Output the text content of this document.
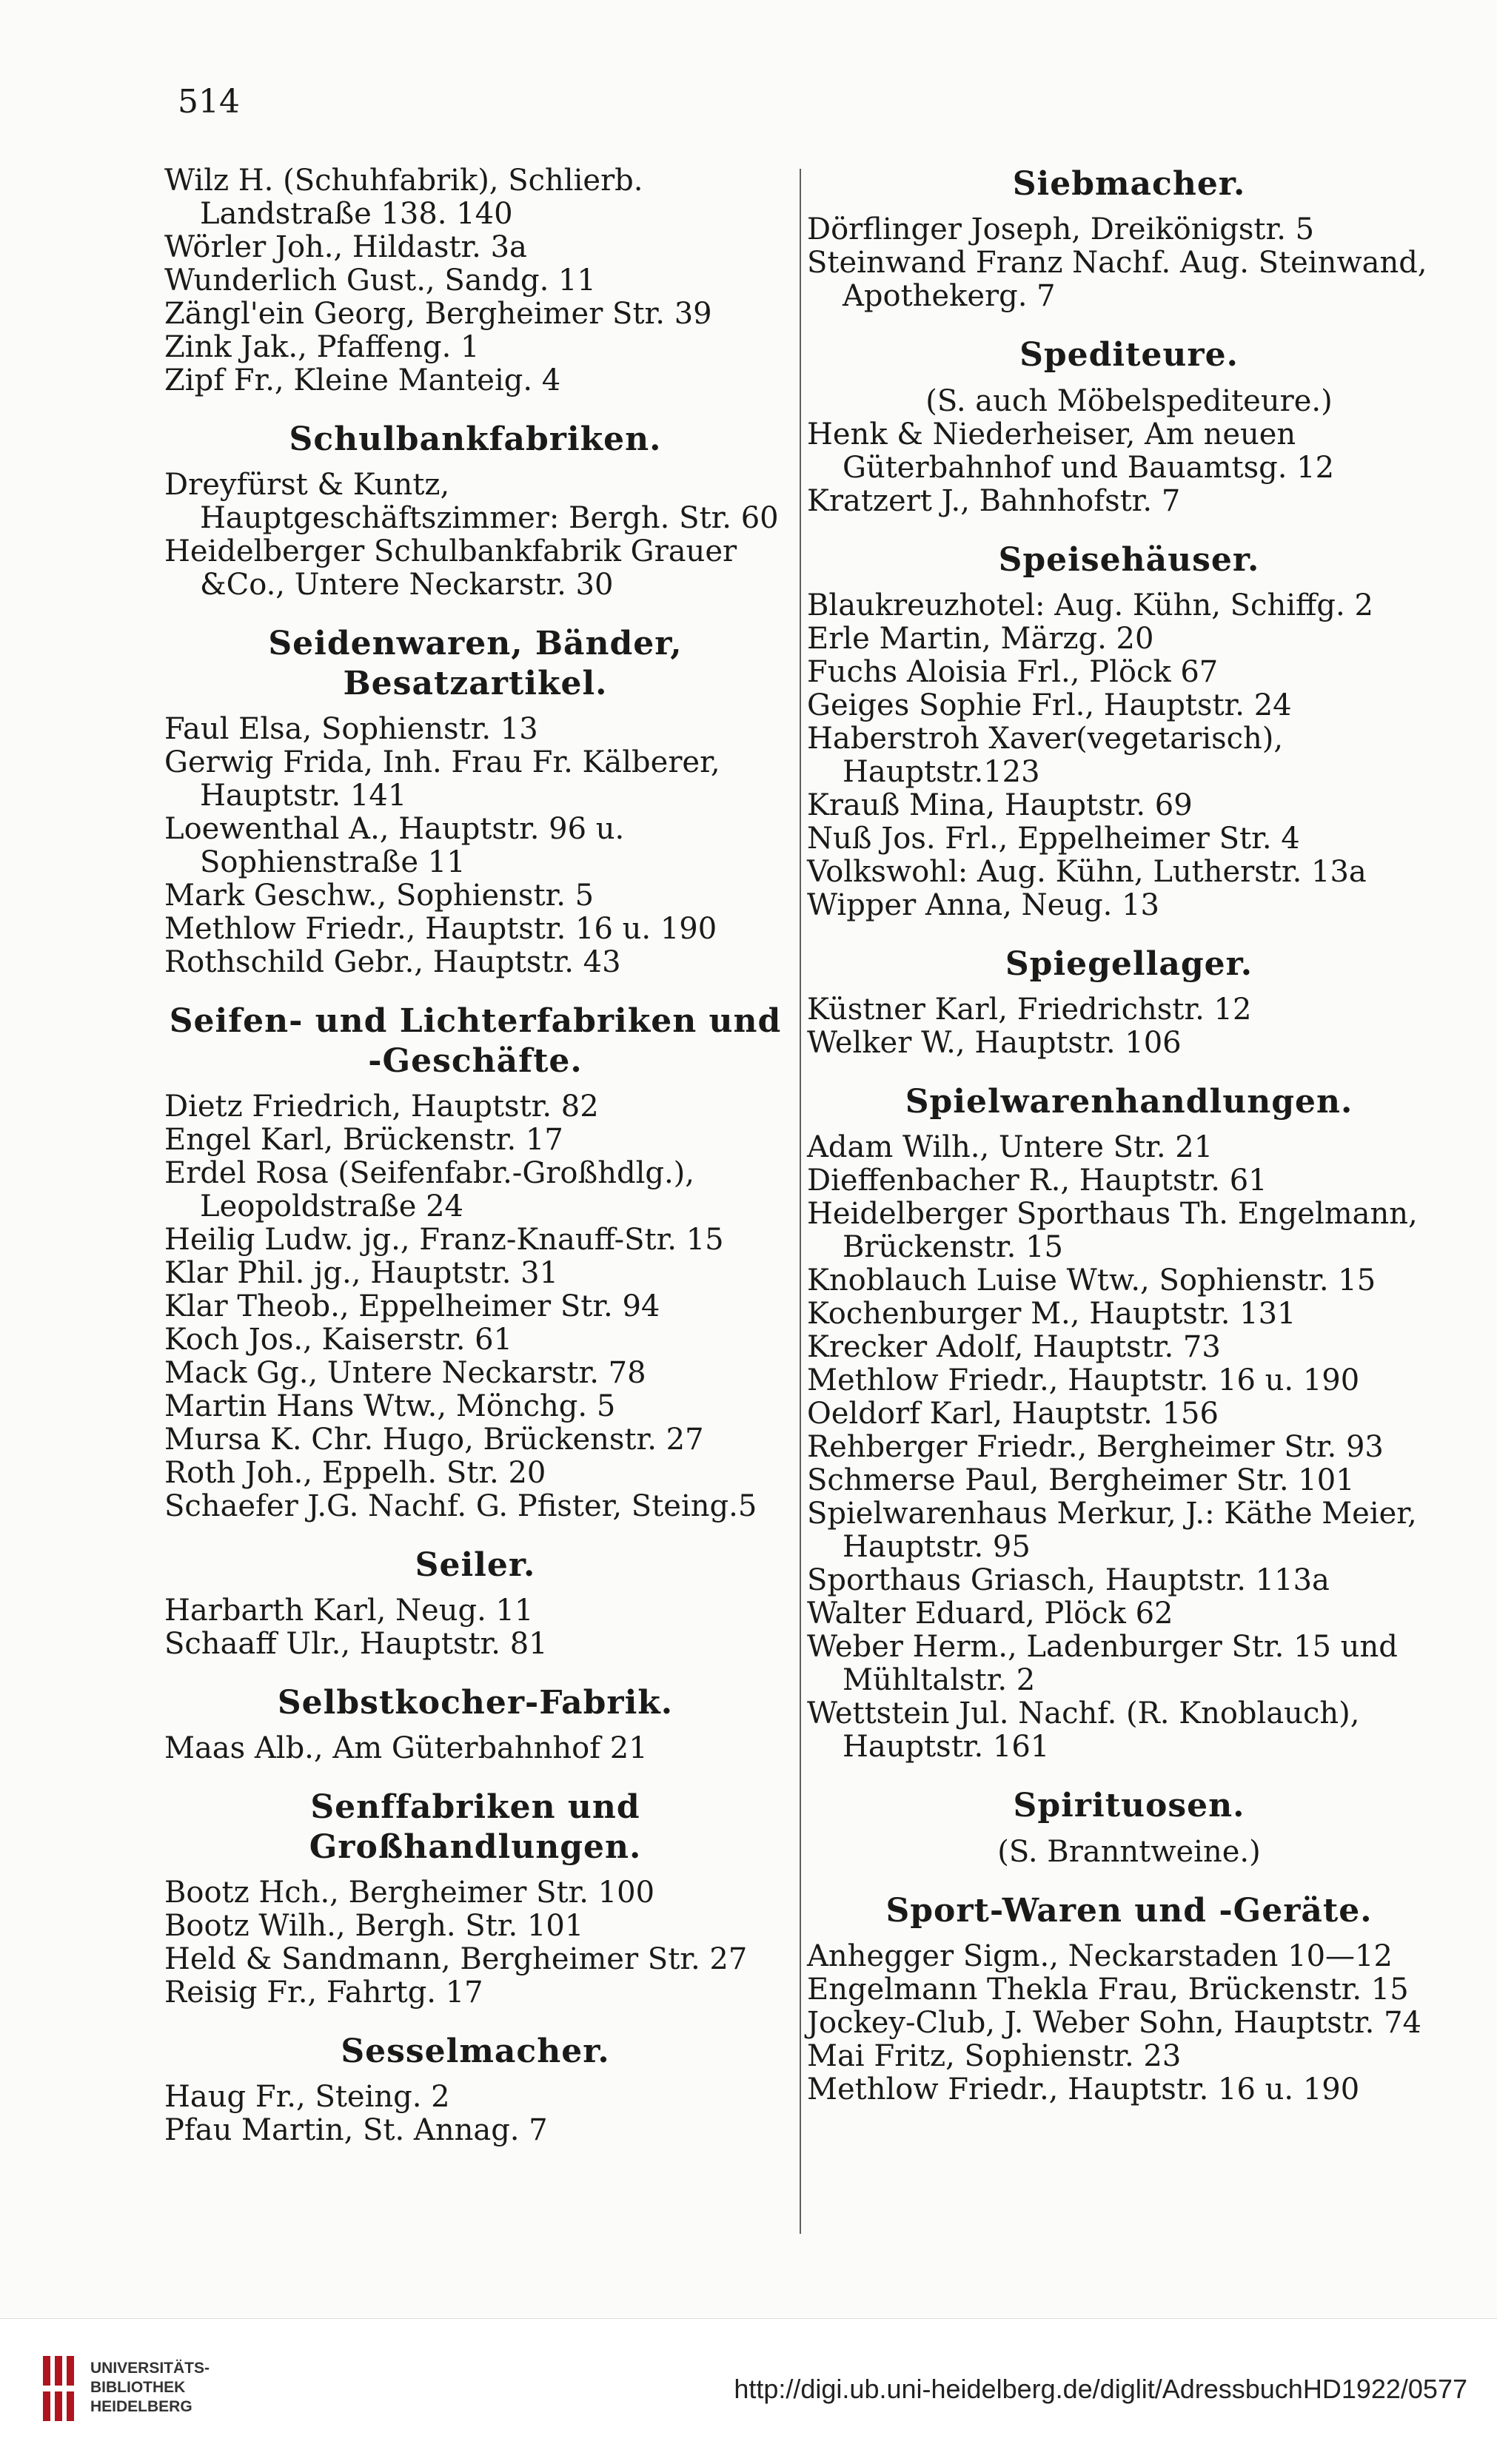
514
Wilz H. (Schuhfabrik), Schlierb. Landstraße 138. 140
Wörler Joh., Hildastr. 3a
Wunderlich Gust., Sandg. 11
Zängl'ein Georg, Bergheimer Str. 39
Zink Jak., Pfaffeng. 1
Zipf Fr., Kleine Manteig. 4
Schulbankfabriken.
Dreyfürst & Kuntz, Hauptgeschäftszimmer: Bergh. Str. 60
Heidelberger Schulbankfabrik Grauer &Co., Untere Neckarstr. 30
Seidenwaren, Bänder, Besatzartikel.
Faul Elsa, Sophienstr. 13
Gerwig Frida, Inh. Frau Fr. Kälberer, Hauptstr. 141
Loewenthal A., Hauptstr. 96 u. Sophienstraße 11
Mark Geschw., Sophienstr. 5
Methlow Friedr., Hauptstr. 16 u. 190
Rothschild Gebr., Hauptstr. 43
Seifen- und Lichterfabriken und -Geschäfte.
Dietz Friedrich, Hauptstr. 82
Engel Karl, Brückenstr. 17
Erdel Rosa (Seifenfabr.-Großhdlg.), Leopoldstraße 24
Heilig Ludw. jg., Franz-Knauff-Str. 15
Klar Phil. jg., Hauptstr. 31
Klar Theob., Eppelheimer Str. 94
Koch Jos., Kaiserstr. 61
Mack Gg., Untere Neckarstr. 78
Martin Hans Wtw., Mönchg. 5
Mursa K. Chr. Hugo, Brückenstr. 27
Roth Joh., Eppelh. Str. 20
Schaefer J.G. Nachf. G. Pfister, Steing.5
Seiler.
Harbarth Karl, Neug. 11
Schaaff Ulr., Hauptstr. 81
Selbstkocher-Fabrik.
Maas Alb., Am Güterbahnhof 21
Senffabriken und Großhandlungen.
Bootz Hch., Bergheimer Str. 100
Bootz Wilh., Bergh. Str. 101
Held & Sandmann, Bergheimer Str. 27
Reisig Fr., Fahrtg. 17
Sesselmacher.
Haug Fr., Steing. 2
Pfau Martin, St. Annag. 7
Siebmacher.
Dörflinger Joseph, Dreikönigstr. 5
Steinwand Franz Nachf. Aug. Steinwand, Apothekerg. 7
Spediteure.
(S. auch Möbelspediteure.)
Henk & Niederheiser, Am neuen Güterbahnhof und Bauamtsg. 12
Kratzert J., Bahnhofstr. 7
Speisehäuser.
Blaukreuzhotel: Aug. Kühn, Schiffg. 2
Erle Martin, Märzg. 20
Fuchs Aloisia Frl., Plöck 67
Geiges Sophie Frl., Hauptstr. 24
Haberstroh Xaver(vegetarisch), Hauptstr.123
Krauß Mina, Hauptstr. 69
Nuß Jos. Frl., Eppelheimer Str. 4
Volkswohl: Aug. Kühn, Lutherstr. 13a
Wipper Anna, Neug. 13
Spiegellager.
Küstner Karl, Friedrichstr. 12
Welker W., Hauptstr. 106
Spielwarenhandlungen.
Adam Wilh., Untere Str. 21
Dieffenbacher R., Hauptstr. 61
Heidelberger Sporthaus Th. Engelmann, Brückenstr. 15
Knoblauch Luise Wtw., Sophienstr. 15
Kochenburger M., Hauptstr. 131
Krecker Adolf, Hauptstr. 73
Methlow Friedr., Hauptstr. 16 u. 190
Oeldorf Karl, Hauptstr. 156
Rehberger Friedr., Bergheimer Str. 93
Schmerse Paul, Bergheimer Str. 101
Spielwarenhaus Merkur, J.: Käthe Meier, Hauptstr. 95
Sporthaus Griasch, Hauptstr. 113a
Walter Eduard, Plöck 62
Weber Herm., Ladenburger Str. 15 und Mühltalstr. 2
Wettstein Jul. Nachf. (R. Knoblauch), Hauptstr. 161
Spirituosen.
(S. Branntweine.)
Sport-Waren und -Geräte.
Anhegger Sigm., Neckarstaden 10—12
Engelmann Thekla Frau, Brückenstr. 15
Jockey-Club, J. Weber Sohn, Hauptstr. 74
Mai Fritz, Sophienstr. 23
Methlow Friedr., Hauptstr. 16 u. 190
UNIVERSITÄTS-
BIBLIOTHEK
HEIDELBERG
http://digi.ub.uni-heidelberg.de/diglit/AdressbuchHD1922/0577
